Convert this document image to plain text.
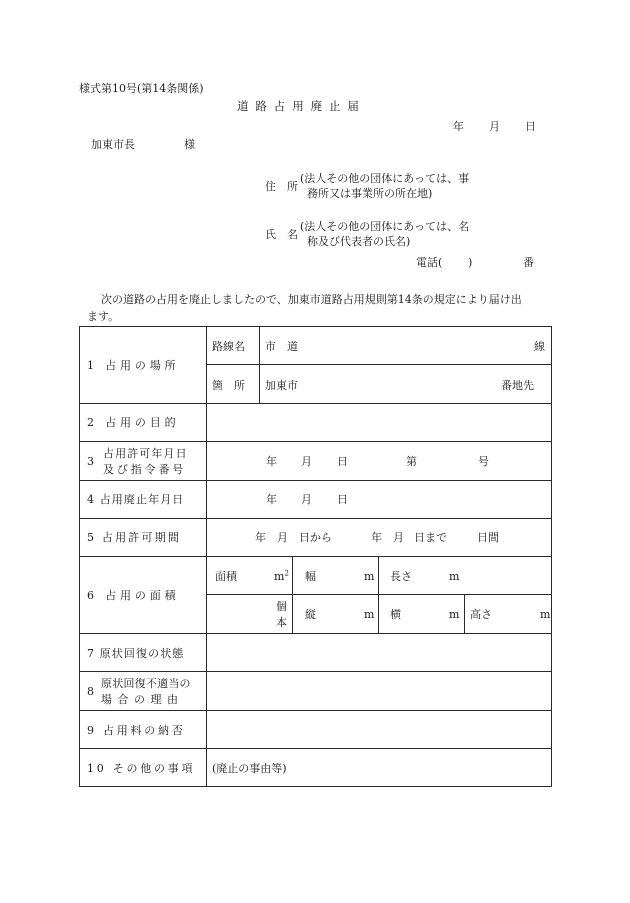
様式第10号(第14条関係)
道路占用廃止届
年 月 日
加東市長	様
住　所
(法人その他の団体にあっては、事
務所又は事業所の所在地)
氏　名
(法人その他の団体にあっては、名
称及び代表者の氏名)
電話( )	番
次の道路の占用を廃止しましたので、加東市道路占用規則第14条の規定により届け出
ます。
1 占用の場所
路線名 市　道	線
箇　所 加東市	番地先
2 占用の目的
3
占用許可年月日
及び指令番号
年 月 日	第	号
4 占用廃止年月日	年 月 日
5 占用許可期間	年 月 日から	年 月 日まで	日間
6 占用の面積
面積	$m^2$ 幅	m 長さ	m
個
本
縦	m 横	m 高さ	m
7 原状回復の状態
8
原状回復不適当の
場合の理由
9 占用料の納否
10 その他の事項 (廃止の事由等)
